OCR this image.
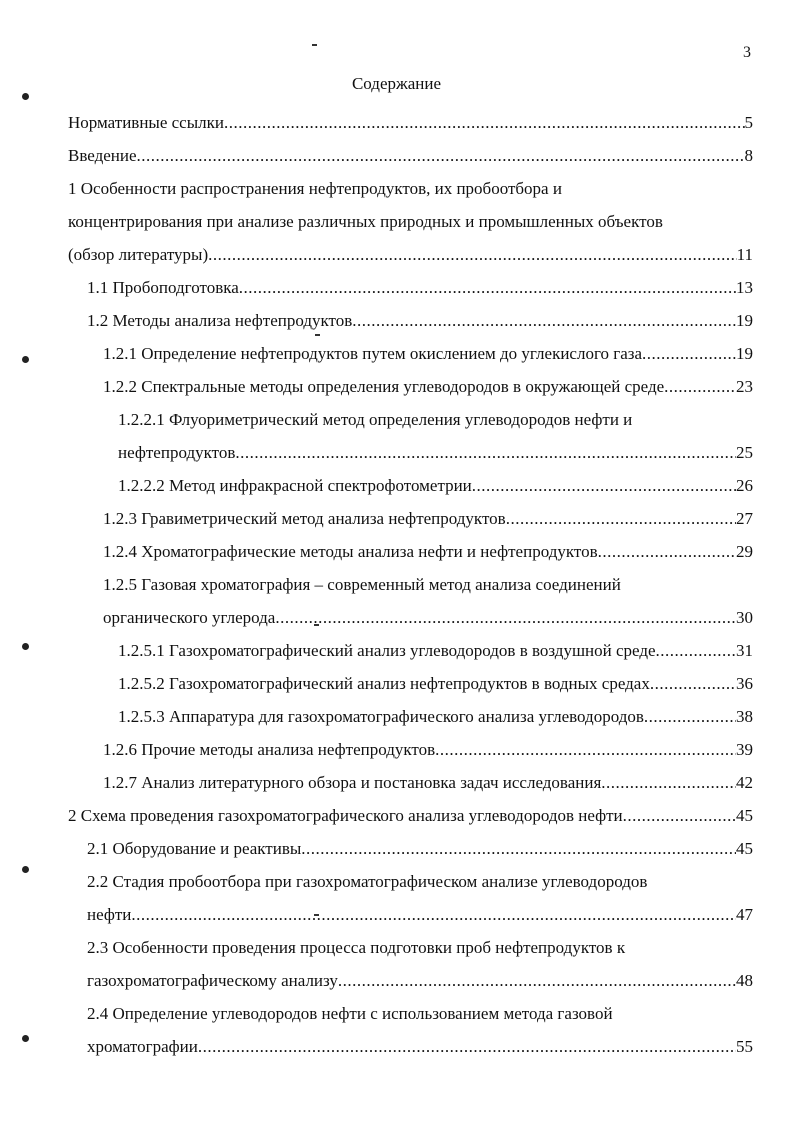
3
Содержание
Нормативные ссылки .....	5
Введение .....	8
1 Особенности распространения нефтепродуктов, их пробоотбора и
концентрирования при анализе различных природных и промышленных объектов
(обзор литературы) .....	11
1.1 Пробоподготовка .....	13
1.2 Методы анализа нефтепродуктов .....	19
1.2.1 Определение нефтепродуктов путем окислением до углекислого газа .....	19
1.2.2 Спектральные методы определения углеводородов в окружающей среде .....	23
1.2.2.1 Флуориметрический метод определения углеводородов нефти и
нефтепродуктов .....	25
1.2.2.2 Метод инфракрасной спектрофотометрии .....	26
1.2.3 Гравиметрический метод анализа нефтепродуктов .....	27
1.2.4 Хроматографические методы анализа нефти и нефтепродуктов .....	29
1.2.5 Газовая хроматография – современный метод анализа соединений
органического углерода .....	30
1.2.5.1 Газохроматографический анализ углеводородов в воздушной среде .....	31
1.2.5.2 Газохроматографический анализ нефтепродуктов в водных средах .....	36
1.2.5.3 Аппаратура для газохроматографического анализа углеводородов .....	38
1.2.6 Прочие методы анализа нефтепродуктов .....	39
1.2.7 Анализ литературного обзора и постановка задач исследования .....	42
2 Схема проведения газохроматографического анализа углеводородов нефти .....	45
2.1 Оборудование и реактивы .....	45
2.2 Стадия пробоотбора при газохроматографическом анализе углеводородов
нефти .....	47
2.3 Особенности проведения процесса подготовки проб нефтепродуктов к
газохроматографическому анализу .....	48
2.4 Определение углеводородов нефти с использованием метода газовой
хроматографии .....	55
